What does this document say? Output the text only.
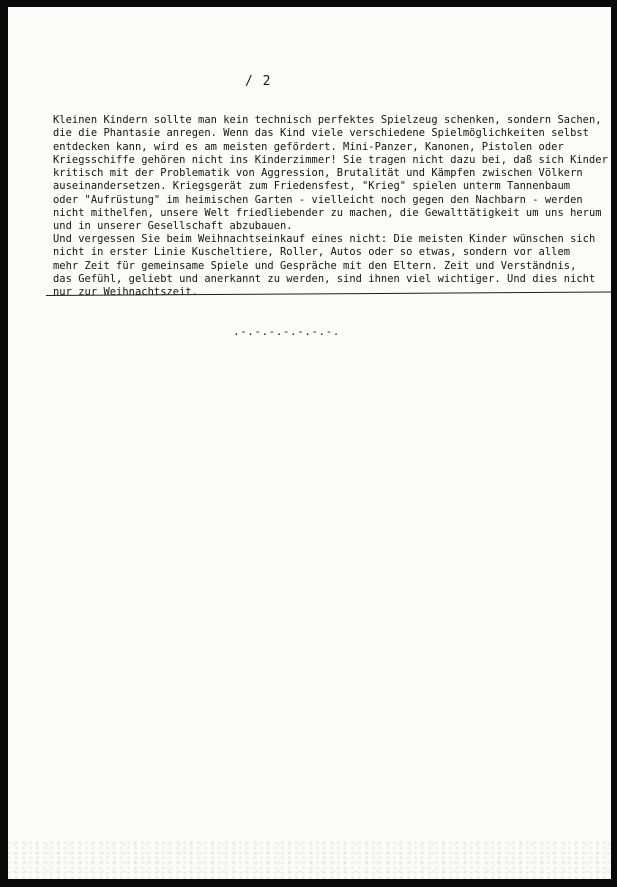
/ 2

Kleinen Kindern sollte man kein technisch perfektes Spielzeug schenken, sondern Sachen,
die die Phantasie anregen. Wenn das Kind viele verschiedene Spielmöglichkeiten selbst
entdecken kann, wird es am meisten gefördert. Mini-Panzer, Kanonen, Pistolen oder
Kriegsschiffe gehören nicht ins Kinderzimmer! Sie tragen nicht dazu bei, daß sich Kinder
kritisch mit der Problematik von Aggression, Brutalität und Kämpfen zwischen Völkern
auseinandersetzen. Kriegsgerät zum Friedensfest, "Krieg" spielen unterm Tannenbaum
oder "Aufrüstung" im heimischen Garten - vielleicht noch gegen den Nachbarn - werden
nicht mithelfen, unsere Welt friedliebender zu machen, die Gewalttätigkeit um uns herum
und in unserer Gesellschaft abzubauen.

Und vergessen Sie beim Weihnachtseinkauf eines nicht: Die meisten Kinder wünschen sich
nicht in erster Linie Kuscheltiere, Roller, Autos oder so etwas, sondern vor allem
mehr Zeit für gemeinsame Spiele und Gespräche mit den Eltern. Zeit und Verständnis,
das Gefühl, geliebt und anerkannt zu werden, sind ihnen viel wichtiger. Und dies nicht
nur zur Weihnachtszeit.

.-.-.-.-.-.-.-.
